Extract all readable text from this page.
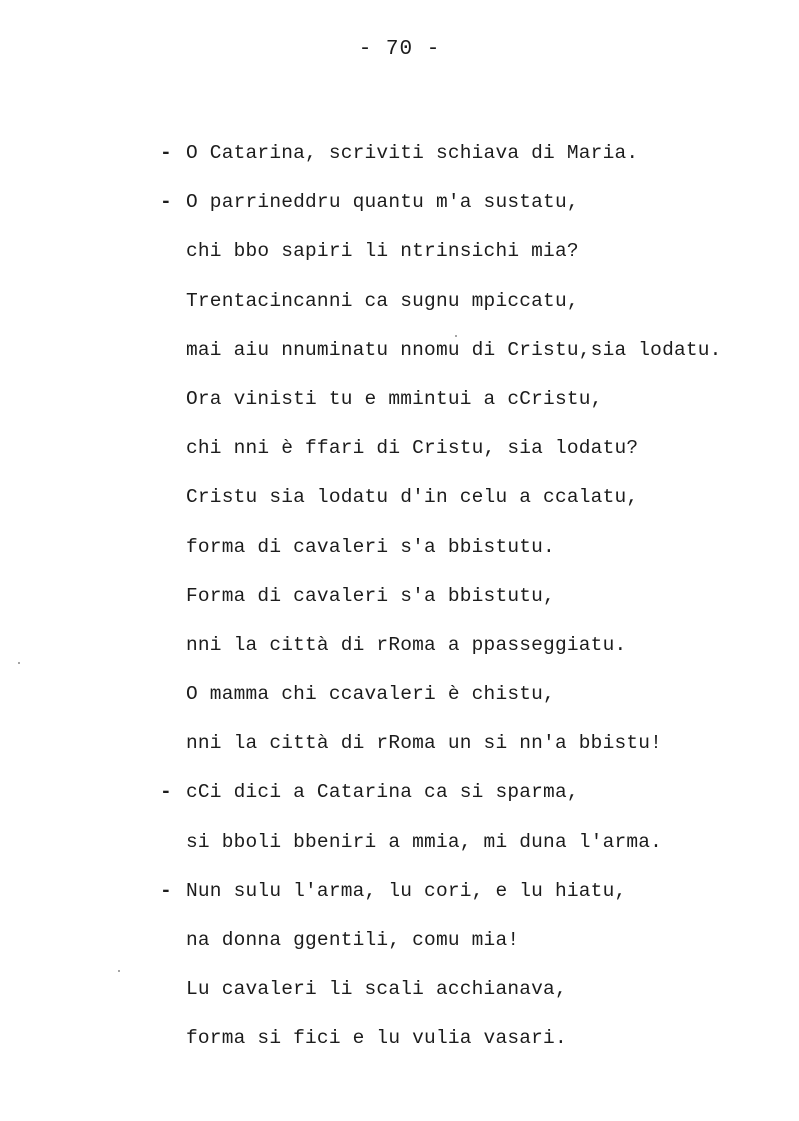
- 70 -
- O Catarina, scriviti schiava di Maria.
- O parrineddru quantu m'a sustatu,
chi bbo sapiri li ntrinsichi mia?
Trentacincanni ca sugnu mpiccatu,
mai aiu nnuminatu nnomu di Cristu,sia lodatu.
Ora vinisti tu e mmintui a cCristu,
chi nni è ffari di Cristu, sia lodatu?
Cristu sia lodatu d'in celu a ccalatu,
forma di cavaleri s'a bbistutu.
Forma di cavaleri s'a bbistutu,
nni la città di rRoma a ppasseggiatu.
O mamma chi ccavaleri è chistu,
nni la città di rRoma un si nn'a bbistu!
- cCi dici a Catarina ca si sparma,
si bboli bbeniri a mmia, mi duna l'arma.
- Nun sulu l'arma, lu cori, e lu hiatu,
na donna ggentili, comu mia!
Lu cavaleri li scali acchianava,
forma si fici e lu vulia vasari.
